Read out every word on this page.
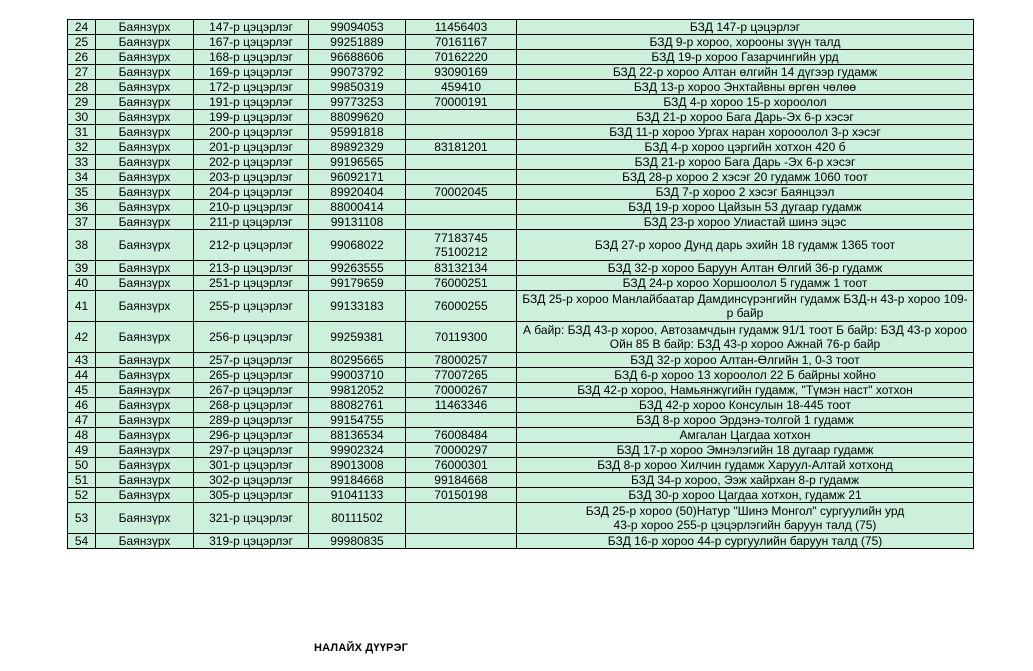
24	Баянзүрх	147-р цэцэрлэг	99094053	11456403	БЗД 147-р цэцэрлэг
25	Баянзүрх	167-р цэцэрлэг	99251889	70161167	БЗД 9-р хороо, хорооны зүүн талд
26	Баянзүрх	168-р цэцэрлэг	96688606	70162220	БЗД 19-р хороо Газарчингийн урд
27	Баянзүрх	169-р цэцэрлэг	99073792	93090169	БЗД 22-р хороо Алтан өлгийн 14 дүгээр гудамж
28	Баянзүрх	172-р цэцэрлэг	99850319	459410	БЗД 13-р хороо Энхтайвны өргөн чөлөө
29	Баянзүрх	191-р цэцэрлэг	99773253	70000191	БЗД 4-р хороо 15-р хороолол
30	Баянзүрх	199-р цэцэрлэг	88099620		БЗД 21-р хороо Бага Дарь-Эх 6-р хэсэг
31	Баянзүрх	200-р цэцэрлэг	95991818		БЗД 11-р хороо Ургах наран хорооолол 3-р хэсэг
32	Баянзүрх	201-р цэцэрлэг	89892329	83181201	БЗД 4-р хороо цэргийн хотхон 420 б
33	Баянзүрх	202-р цэцэрлэг	99196565		БЗД 21-р хороо Бага Дарь -Эх 6-р хэсэг
34	Баянзүрх	203-р цэцэрлэг	96092171		БЗД 28-р хороо 2 хэсэг 20 гудамж 1060 тоот
35	Баянзүрх	204-р цэцэрлэг	89920404	70002045	БЗД 7-р хороо 2 хэсэг Баянцээл
36	Баянзүрх	210-р цэцэрлэг	88000414		БЗД 19-р хороо Цайзын 53 дугаар гудамж
37	Баянзүрх	211-р цэцэрлэг	99131108		БЗД 23-р хороо Улиастай шинэ эцэс
38	Баянзүрх	212-р цэцэрлэг	99068022	77183745
75100212	БЗД 27-р хороо Дунд дарь эхийн 18 гудамж 1365 тоот
39	Баянзүрх	213-р цэцэрлэг	99263555	83132134	БЗД 32-р хороо Баруун Алтан Өлгий 36-р гудамж
40	Баянзүрх	251-р цэцэрлэг	99179659	76000251	БЗД 24-р хороо Хоршоолол 5 гудамж 1 тоот
41	Баянзүрх	255-р цэцэрлэг	99133183	76000255	БЗД 25-р хороо Манлайбаатар Дамдинсүрэнгийн гудамж БЗД-н 43-р хороо 109-р байр
42	Баянзүрх	256-р цэцэрлэг	99259381	70119300	А байр: БЗД 43-р хороо, Автозамчдын гудамж 91/1 тоот Б байр: БЗД 43-р хороо Ойн 85 В байр: БЗД 43-р хороо Ажнай 76-р байр
43	Баянзүрх	257-р цэцэрлэг	80295665	78000257	БЗД 32-р хороо Алтан-Өлгийн 1, 0-3 тоот
44	Баянзүрх	265-р цэцэрлэг	99003710	77007265	БЗД 6-р хороо 13 хороолол 22 Б байрны хойно
45	Баянзүрх	267-р цэцэрлэг	99812052	70000267	БЗД 42-р хороо, Намьянжүгийн гудамж, "Түмэн наст" хотхон
46	Баянзүрх	268-р цэцэрлэг	88082761	11463346	БЗД 42-р хороо Консулын 18-445 тоот
47	Баянзүрх	289-р цэцэрлэг	99154755		БЗД 8-р хороо Эрдэнэ-толгой 1 гудамж
48	Баянзүрх	296-р цэцэрлэг	88136534	76008484	Амгалан Цагдаа хотхон
49	Баянзүрх	297-р цэцэрлэг	99902324	70000297	БЗД 17-р хороо Эмнэлэгийн 18 дугаар гудамж
50	Баянзүрх	301-р цэцэрлэг	89013008	76000301	БЗД 8-р хороо Хилчин гудамж Харуул-Алтай хотхонд
51	Баянзүрх	302-р цэцэрлэг	99184668	99184668	БЗД 34-р хороо, Ээж хайрхан 8-р гудамж
52	Баянзүрх	305-р цэцэрлэг	91041133	70150198	БЗД 30-р хороо Цагдаа хотхон, гудамж 21
53	Баянзүрх	321-р цэцэрлэг	80111502		БЗД 25-р хороо (50)Натур "Шинэ Монгол" сургуулийн урд
43-р хороо 255-р цэцэрлэгийн баруун талд (75)
54	Баянзүрх	319-р цэцэрлэг	99980835		БЗД 16-р хороо 44-р сургуулийн баруун талд (75)
НАЛАЙХ ДҮҮРЭГ
